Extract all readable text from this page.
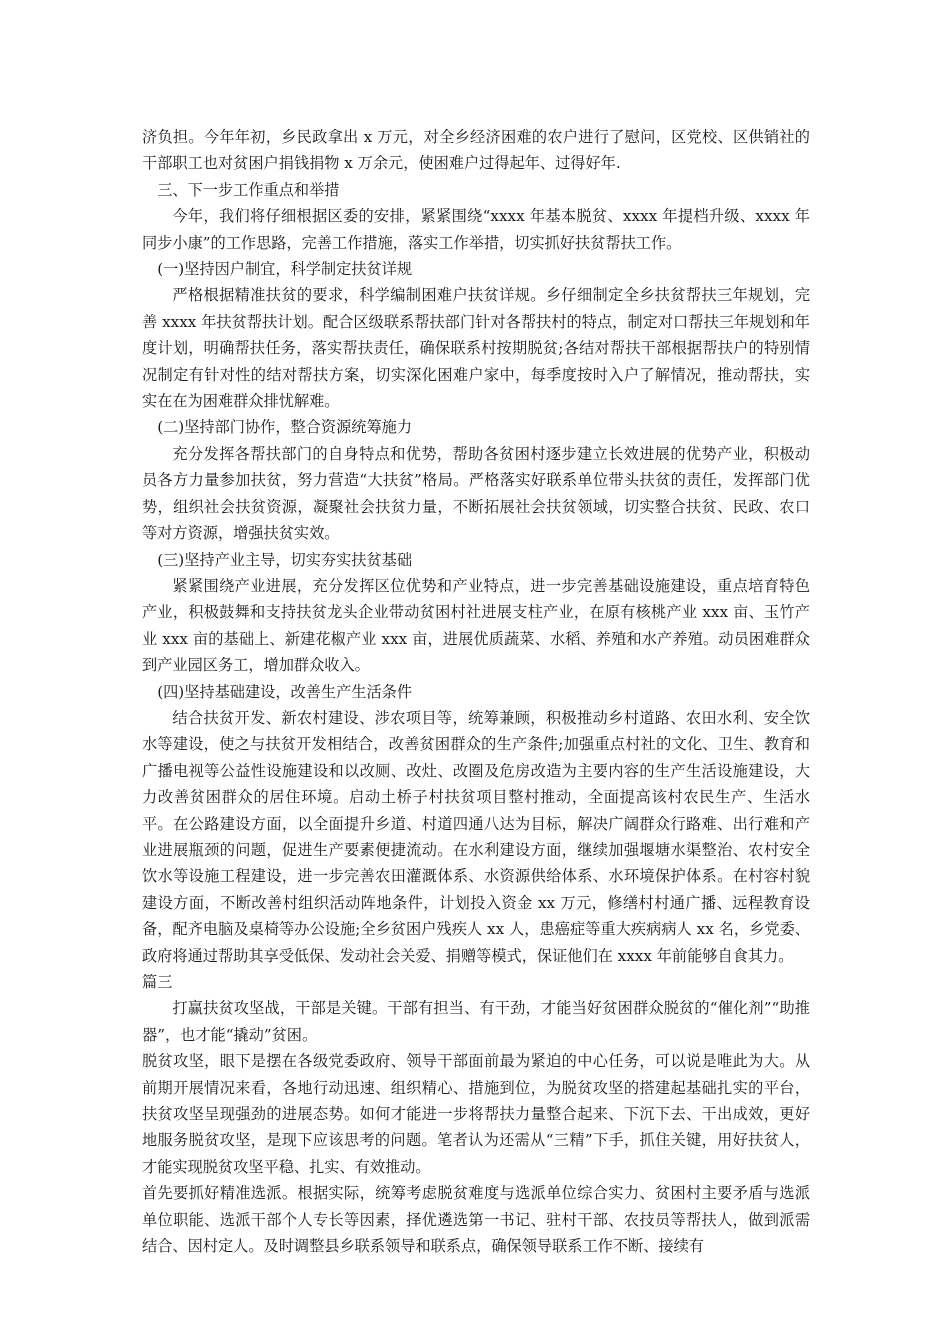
济负担。今年年初，乡民政拿出 x 万元，对全乡经济困难的农户进行了慰问，区党校、区供销社的干部职工也对贫困户捐钱捐物 x 万余元，使困难户过得起年、过得好年.

三、下一步工作重点和举措

今年，我们将仔细根据区委的安排，紧紧围绕“xxxx 年基本脱贫、xxxx 年提档升级、xxxx 年同步小康”的工作思路，完善工作措施，落实工作举措，切实抓好扶贫帮扶工作。

(一)坚持因户制宜，科学制定扶贫详规

严格根据精准扶贫的要求，科学编制困难户扶贫详规。乡仔细制定全乡扶贫帮扶三年规划，完善 xxxx 年扶贫帮扶计划。配合区级联系帮扶部门针对各帮扶村的特点，制定对口帮扶三年规划和年度计划，明确帮扶任务，落实帮扶责任，确保联系村按期脱贫;各结对帮扶干部根据帮扶户的特别情况制定有针对性的结对帮扶方案，切实深化困难户家中，每季度按时入户了解情况，推动帮扶，实实在在为困难群众排忧解难。

(二)坚持部门协作，整合资源统筹施力

充分发挥各帮扶部门的自身特点和优势，帮助各贫困村逐步建立长效进展的优势产业，积极动员各方力量参加扶贫，努力营造“大扶贫”格局。严格落实好联系单位带头扶贫的责任，发挥部门优势，组织社会扶贫资源，凝聚社会扶贫力量，不断拓展社会扶贫领域，切实整合扶贫、民政、农口等对方资源，增强扶贫实效。

(三)坚持产业主导，切实夯实扶贫基础

紧紧围绕产业进展，充分发挥区位优势和产业特点，进一步完善基础设施建设，重点培育特色产业，积极鼓舞和支持扶贫龙头企业带动贫困村社进展支柱产业，在原有核桃产业 xxx 亩、玉竹产业 xxx 亩的基础上、新建花椒产业 xxx 亩，进展优质蔬菜、水稻、养殖和水产养殖。动员困难群众到产业园区务工，增加群众收入。

(四)坚持基础建设，改善生产生活条件

结合扶贫开发、新农村建设、涉农项目等，统筹兼顾，积极推动乡村道路、农田水利、安全饮水等建设，使之与扶贫开发相结合，改善贫困群众的生产条件;加强重点村社的文化、卫生、教育和广播电视等公益性设施建设和以改厕、改灶、改圈及危房改造为主要内容的生产生活设施建设，大力改善贫困群众的居住环境。启动土桥子村扶贫项目整村推动，全面提高该村农民生产、生活水平。在公路建设方面，以全面提升乡道、村道四通八达为目标，解决广阔群众行路难、出行难和产业进展瓶颈的问题，促进生产要素便捷流动。在水利建设方面，继续加强堰塘水渠整治、农村安全饮水等设施工程建设，进一步完善农田灌溉体系、水资源供给体系、水环境保护体系。在村容村貌建设方面，不断改善村组织活动阵地条件，计划投入资金 xx 万元，修缮村村通广播、远程教育设备，配齐电脑及桌椅等办公设施;全乡贫困户残疾人 xx 人，患癌症等重大疾病病人 xx 名，乡党委、政府将通过帮助其享受低保、发动社会关爱、捐赠等模式，保证他们在 xxxx 年前能够自食其力。

篇三

打赢扶贫攻坚战，干部是关键。干部有担当、有干劲，才能当好贫困群众脱贫的“催化剂”“助推器”，也才能“撬动”贫困。

脱贫攻坚，眼下是摆在各级党委政府、领导干部面前最为紧迫的中心任务，可以说是唯此为大。从前期开展情况来看，各地行动迅速、组织精心、措施到位，为脱贫攻坚的搭建起基础扎实的平台，扶贫攻坚呈现强劲的进展态势。如何才能进一步将帮扶力量整合起来、下沉下去、干出成效，更好地服务脱贫攻坚，是现下应该思考的问题。笔者认为还需从“三精”下手，抓住关键，用好扶贫人，才能实现脱贫攻坚平稳、扎实、有效推动。

首先要抓好精准选派。根据实际，统筹考虑脱贫难度与选派单位综合实力、贫困村主要矛盾与选派单位职能、选派干部个人专长等因素，择优遴选第一书记、驻村干部、农技员等帮扶人，做到派需结合、因村定人。及时调整县乡联系领导和联系点，确保领导联系工作不断、接续有
